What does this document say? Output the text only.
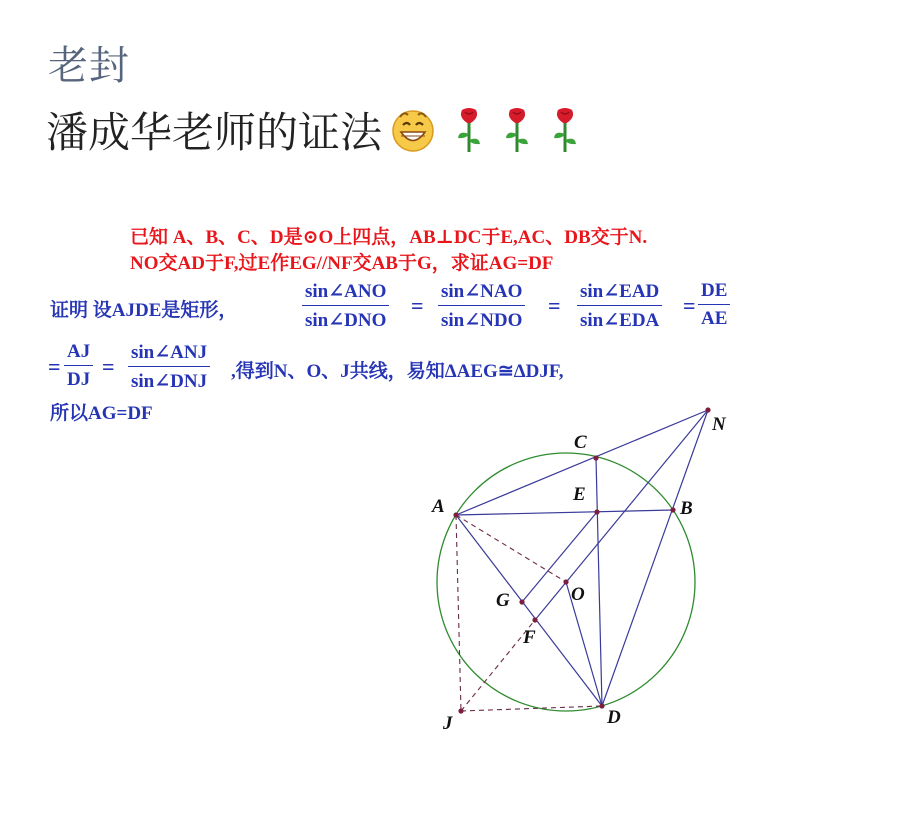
老封
潘成华老师的证法
已知 A、B、C、D是⊙O上四点，AB⊥DC于E,AC、DB交于N.
NO交AD于F,过E作EG//NF交AB于G，求证AG=DF
证明 设AJDE是矩形，
sin∠ANO
sin∠DNO
=
sin∠NAO
sin∠NDO
=
sin∠EAD
sin∠EDA
= $\frac{DE}{AE}$
= $\frac{AJ}{DJ}$ =
sin∠ANJ
sin∠DNJ ,得到N、O、J共线，易知ΔAEG≅ΔDJF,
所以AG=DF
A	B
C
D
E
F
G
J
N
O
